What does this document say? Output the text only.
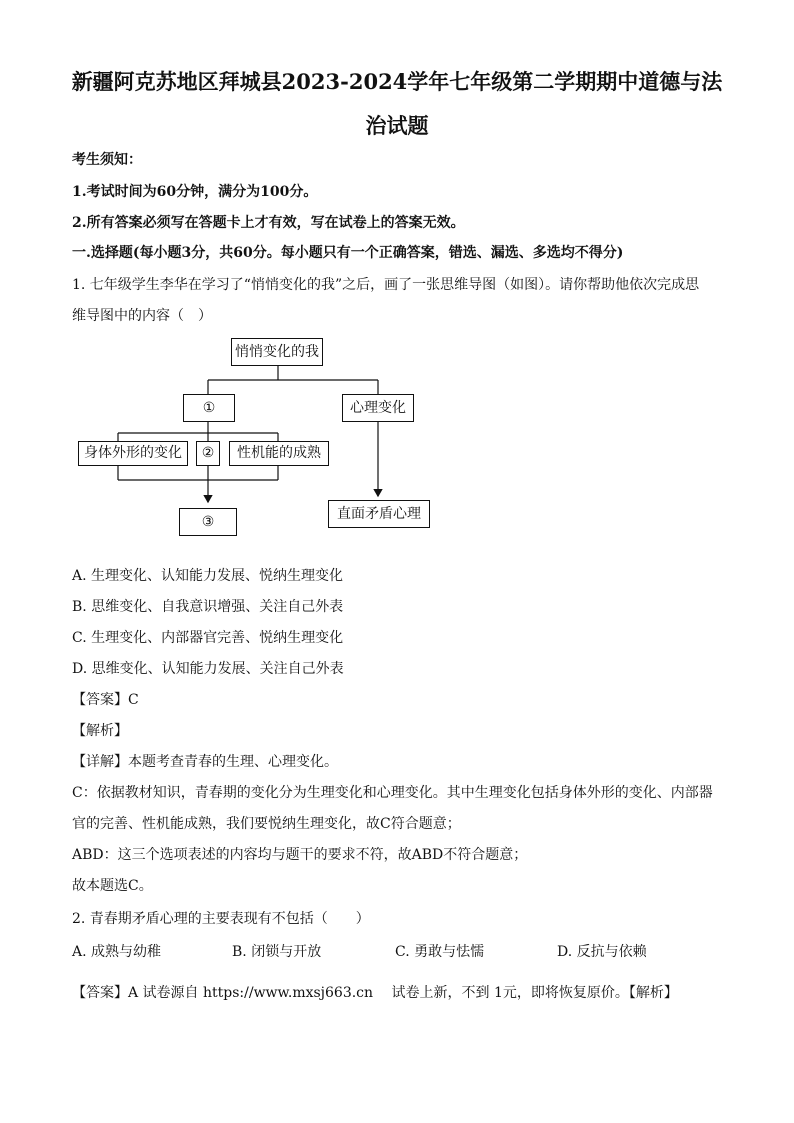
新疆阿克苏地区拜城县2023-2024学年七年级第二学期期中道德与法
治试题
考生须知：
1.考试时间为60分钟，满分为100分。
2.所有答案必须写在答题卡上才有效，写在试卷上的答案无效。
一.选择题(每小题3分，共60分。每小题只有一个正确答案，错选、漏选、多选均不得分)
1. 七年级学生李华在学习了“悄悄变化的我”之后，画了一张思维导图（如图）。请你帮助他依次完成思
维导图中的内容（　）
悄悄变化的我
①	心理变化
身体外形的变化	②	性机能的成熟
③	直面矛盾心理
A. 生理变化、认知能力发展、悦纳生理变化
B. 思维变化、自我意识增强、关注自己外表
C. 生理变化、内部器官完善、悦纳生理变化
D. 思维变化、认知能力发展、关注自己外表
【答案】C
【解析】
【详解】本题考查青春的生理、心理变化。
C：依据教材知识，青春期的变化分为生理变化和心理变化。其中生理变化包括身体外形的变化、内部器
官的完善、性机能成熟，我们要悦纳生理变化，故C符合题意；
ABD：这三个选项表述的内容均与题干的要求不符，故ABD不符合题意；
故本题选C。
2. 青春期矛盾心理的主要表现有不包括（　　）
A. 成熟与幼稚	B. 闭锁与开放	C. 勇敢与怯懦	D. 反抗与依赖
【答案】A 试卷源自 https://www.mxsj663.cn　 试卷上新，不到 1元，即将恢复原价。【解析】
